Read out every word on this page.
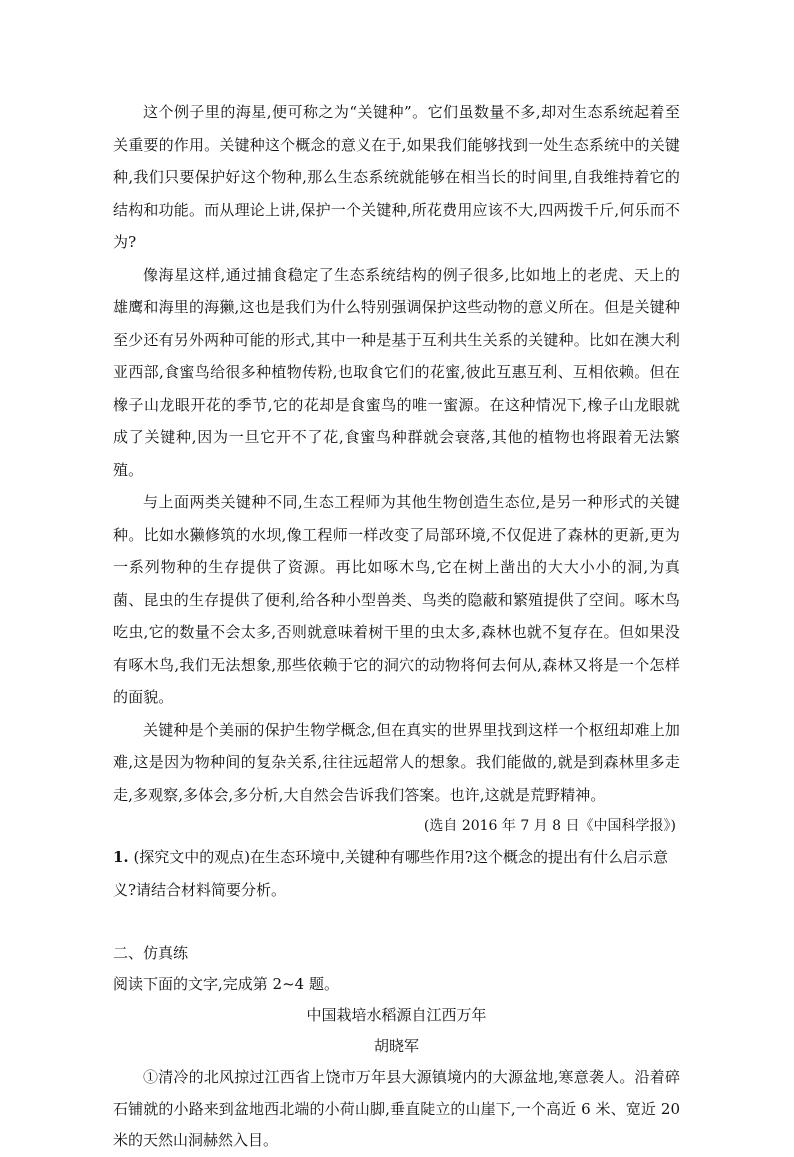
这个例子里的海星,便可称之为“关键种”。它们虽数量不多,却对生态系统起着至关重要的作用。关键种这个概念的意义在于,如果我们能够找到一处生态系统中的关键种,我们只要保护好这个物种,那么生态系统就能够在相当长的时间里,自我维持着它的结构和功能。而从理论上讲,保护一个关键种,所花费用应该不大,四两拨千斤,何乐而不为?

像海星这样,通过捕食稳定了生态系统结构的例子很多,比如地上的老虎、天上的雄鹰和海里的海獭,这也是我们为什么特别强调保护这些动物的意义所在。但是关键种至少还有另外两种可能的形式,其中一种是基于互利共生关系的关键种。比如在澳大利亚西部,食蜜鸟给很多种植物传粉,也取食它们的花蜜,彼此互惠互利、互相依赖。但在橡子山龙眼开花的季节,它的花却是食蜜鸟的唯一蜜源。在这种情况下,橡子山龙眼就成了关键种,因为一旦它开不了花,食蜜鸟种群就会衰落,其他的植物也将跟着无法繁殖。

与上面两类关键种不同,生态工程师为其他生物创造生态位,是另一种形式的关键种。比如水獭修筑的水坝,像工程师一样改变了局部环境,不仅促进了森林的更新,更为一系列物种的生存提供了资源。再比如啄木鸟,它在树上凿出的大大小小的洞,为真菌、昆虫的生存提供了便利,给各种小型兽类、鸟类的隐蔽和繁殖提供了空间。啄木鸟吃虫,它的数量不会太多,否则就意味着树干里的虫太多,森林也就不复存在。但如果没有啄木鸟,我们无法想象,那些依赖于它的洞穴的动物将何去何从,森林又将是一个怎样的面貌。

关键种是个美丽的保护生物学概念,但在真实的世界里找到这样一个枢纽却难上加难,这是因为物种间的复杂关系,往往远超常人的想象。我们能做的,就是到森林里多走走,多观察,多体会,多分析,大自然会告诉我们答案。也许,这就是荒野精神。

(选自 2016 年 7 月 8 日《中国科学报》)

1. (探究文中的观点)在生态环境中,关键种有哪些作用?这个概念的提出有什么启示意义?请结合材料简要分析。

二、仿真练

阅读下面的文字,完成第 2~4 题。

中国栽培水稻源自江西万年

胡晓军

①清冷的北风掠过江西省上饶市万年县大源镇境内的大源盆地,寒意袭人。沿着碎石铺就的小路来到盆地西北端的小荷山脚,垂直陡立的山崖下,一个高近 6 米、宽近 20 米的天然山洞赫然入目。
